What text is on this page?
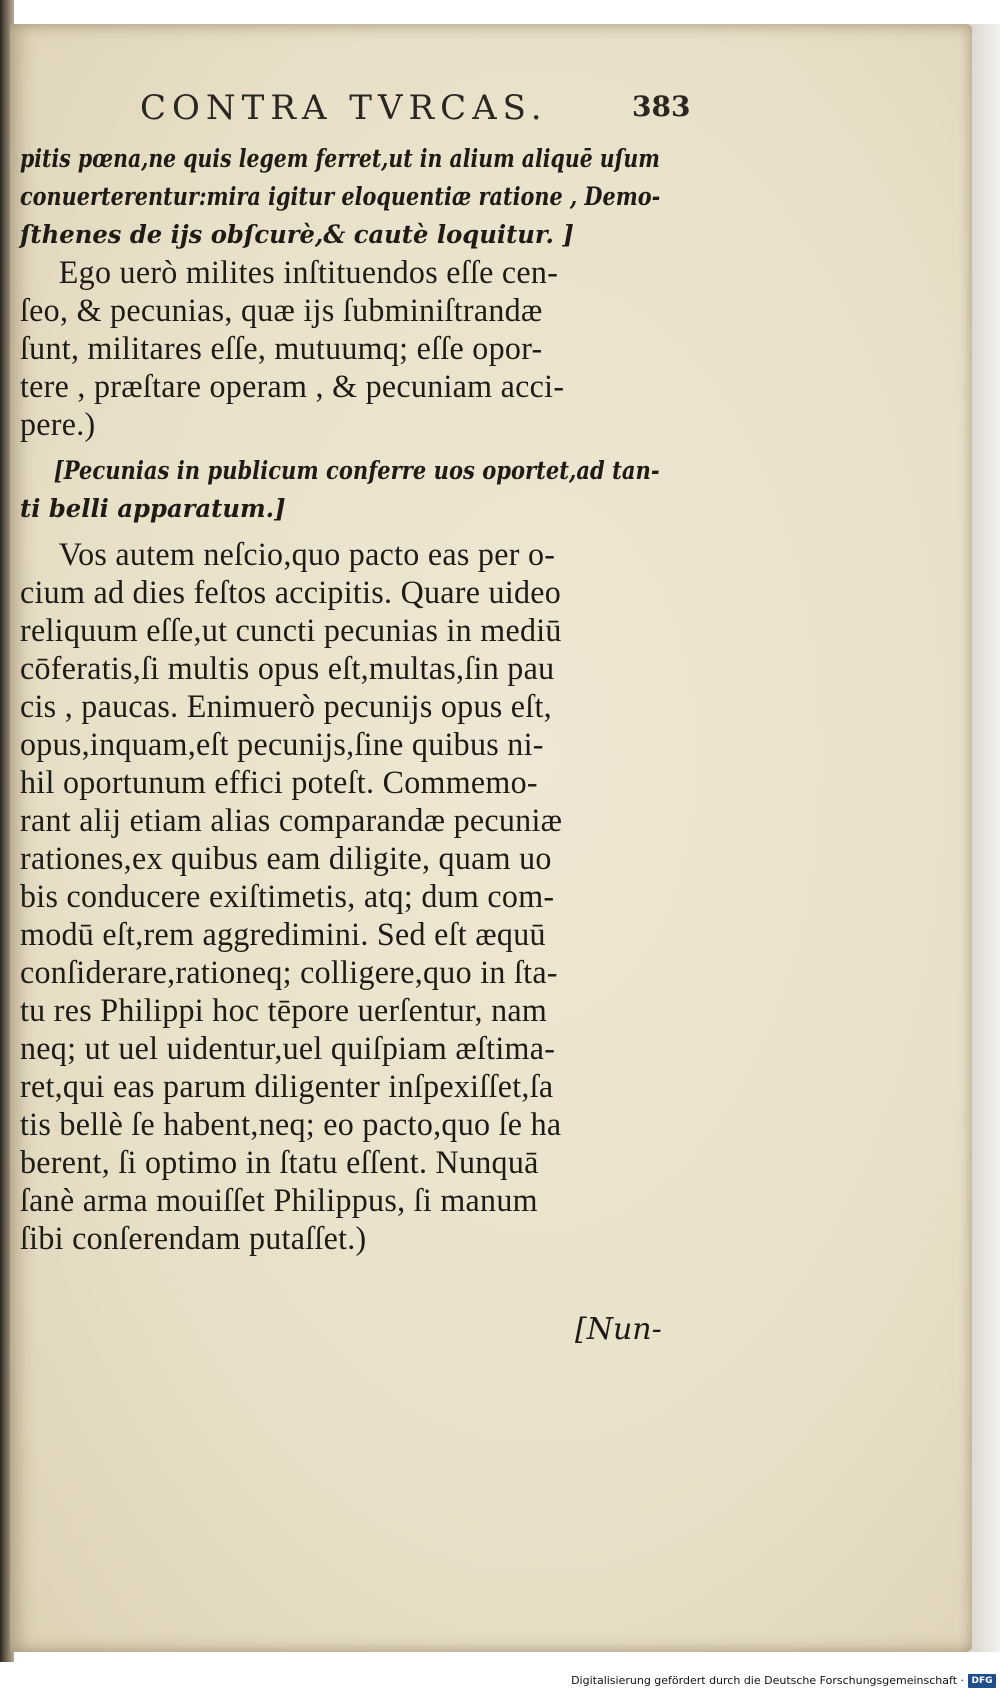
CONTRA TVRCAS.	383
pitis pœna,ne quis legem ferret,ut in alium aliquē uſum
conuerterentur:mira igitur eloquentiæ ratione , Demo-
ſthenes de ijs obſcurè,& cautè loquitur. ]
Ego uerò milites inſtituendos eſſe cen-
ſeo, & pecunias, quæ ijs ſubminiſtrandæ
ſunt, militares eſſe, mutuumq; eſſe opor-
tere , præſtare operam , & pecuniam acci-
pere.)
[Pecunias in publicum conferre uos oportet,ad tan-
ti belli apparatum.]
Vos autem neſcio,quo pacto eas per o-
cium ad dies feſtos accipitis. Quare uideo
reliquum eſſe,ut cuncti pecunias in mediū
cōferatis,ſi multis opus eſt,multas,ſin pau
cis , paucas. Enimuerò pecunijs opus eſt,
opus,inquam,eſt pecunijs,ſine quibus ni-
hil oportunum effici poteſt. Commemo-
rant alij etiam alias comparandæ pecuniæ
rationes,ex quibus eam diligite, quam uo
bis conducere exiſtimetis, atq; dum com-
modū eſt,rem aggredimini. Sed eſt æquū
conſiderare,rationeq; colligere,quo in ſta-
tu res Philippi hoc tēpore uerſentur, nam
neq; ut uel uidentur,uel quiſpiam æſtima-
ret,qui eas parum diligenter inſpexiſſet,ſa
tis bellè ſe habent,neq; eo pacto,quo ſe ha
berent, ſi optimo in ſtatu eſſent. Nunquā
ſanè arma mouiſſet Philippus, ſi manum
ſibi conſerendam putaſſet.)
[Nun-
Digitalisierung gefördert durch die Deutsche Forschungsgemeinschaft · DFG
